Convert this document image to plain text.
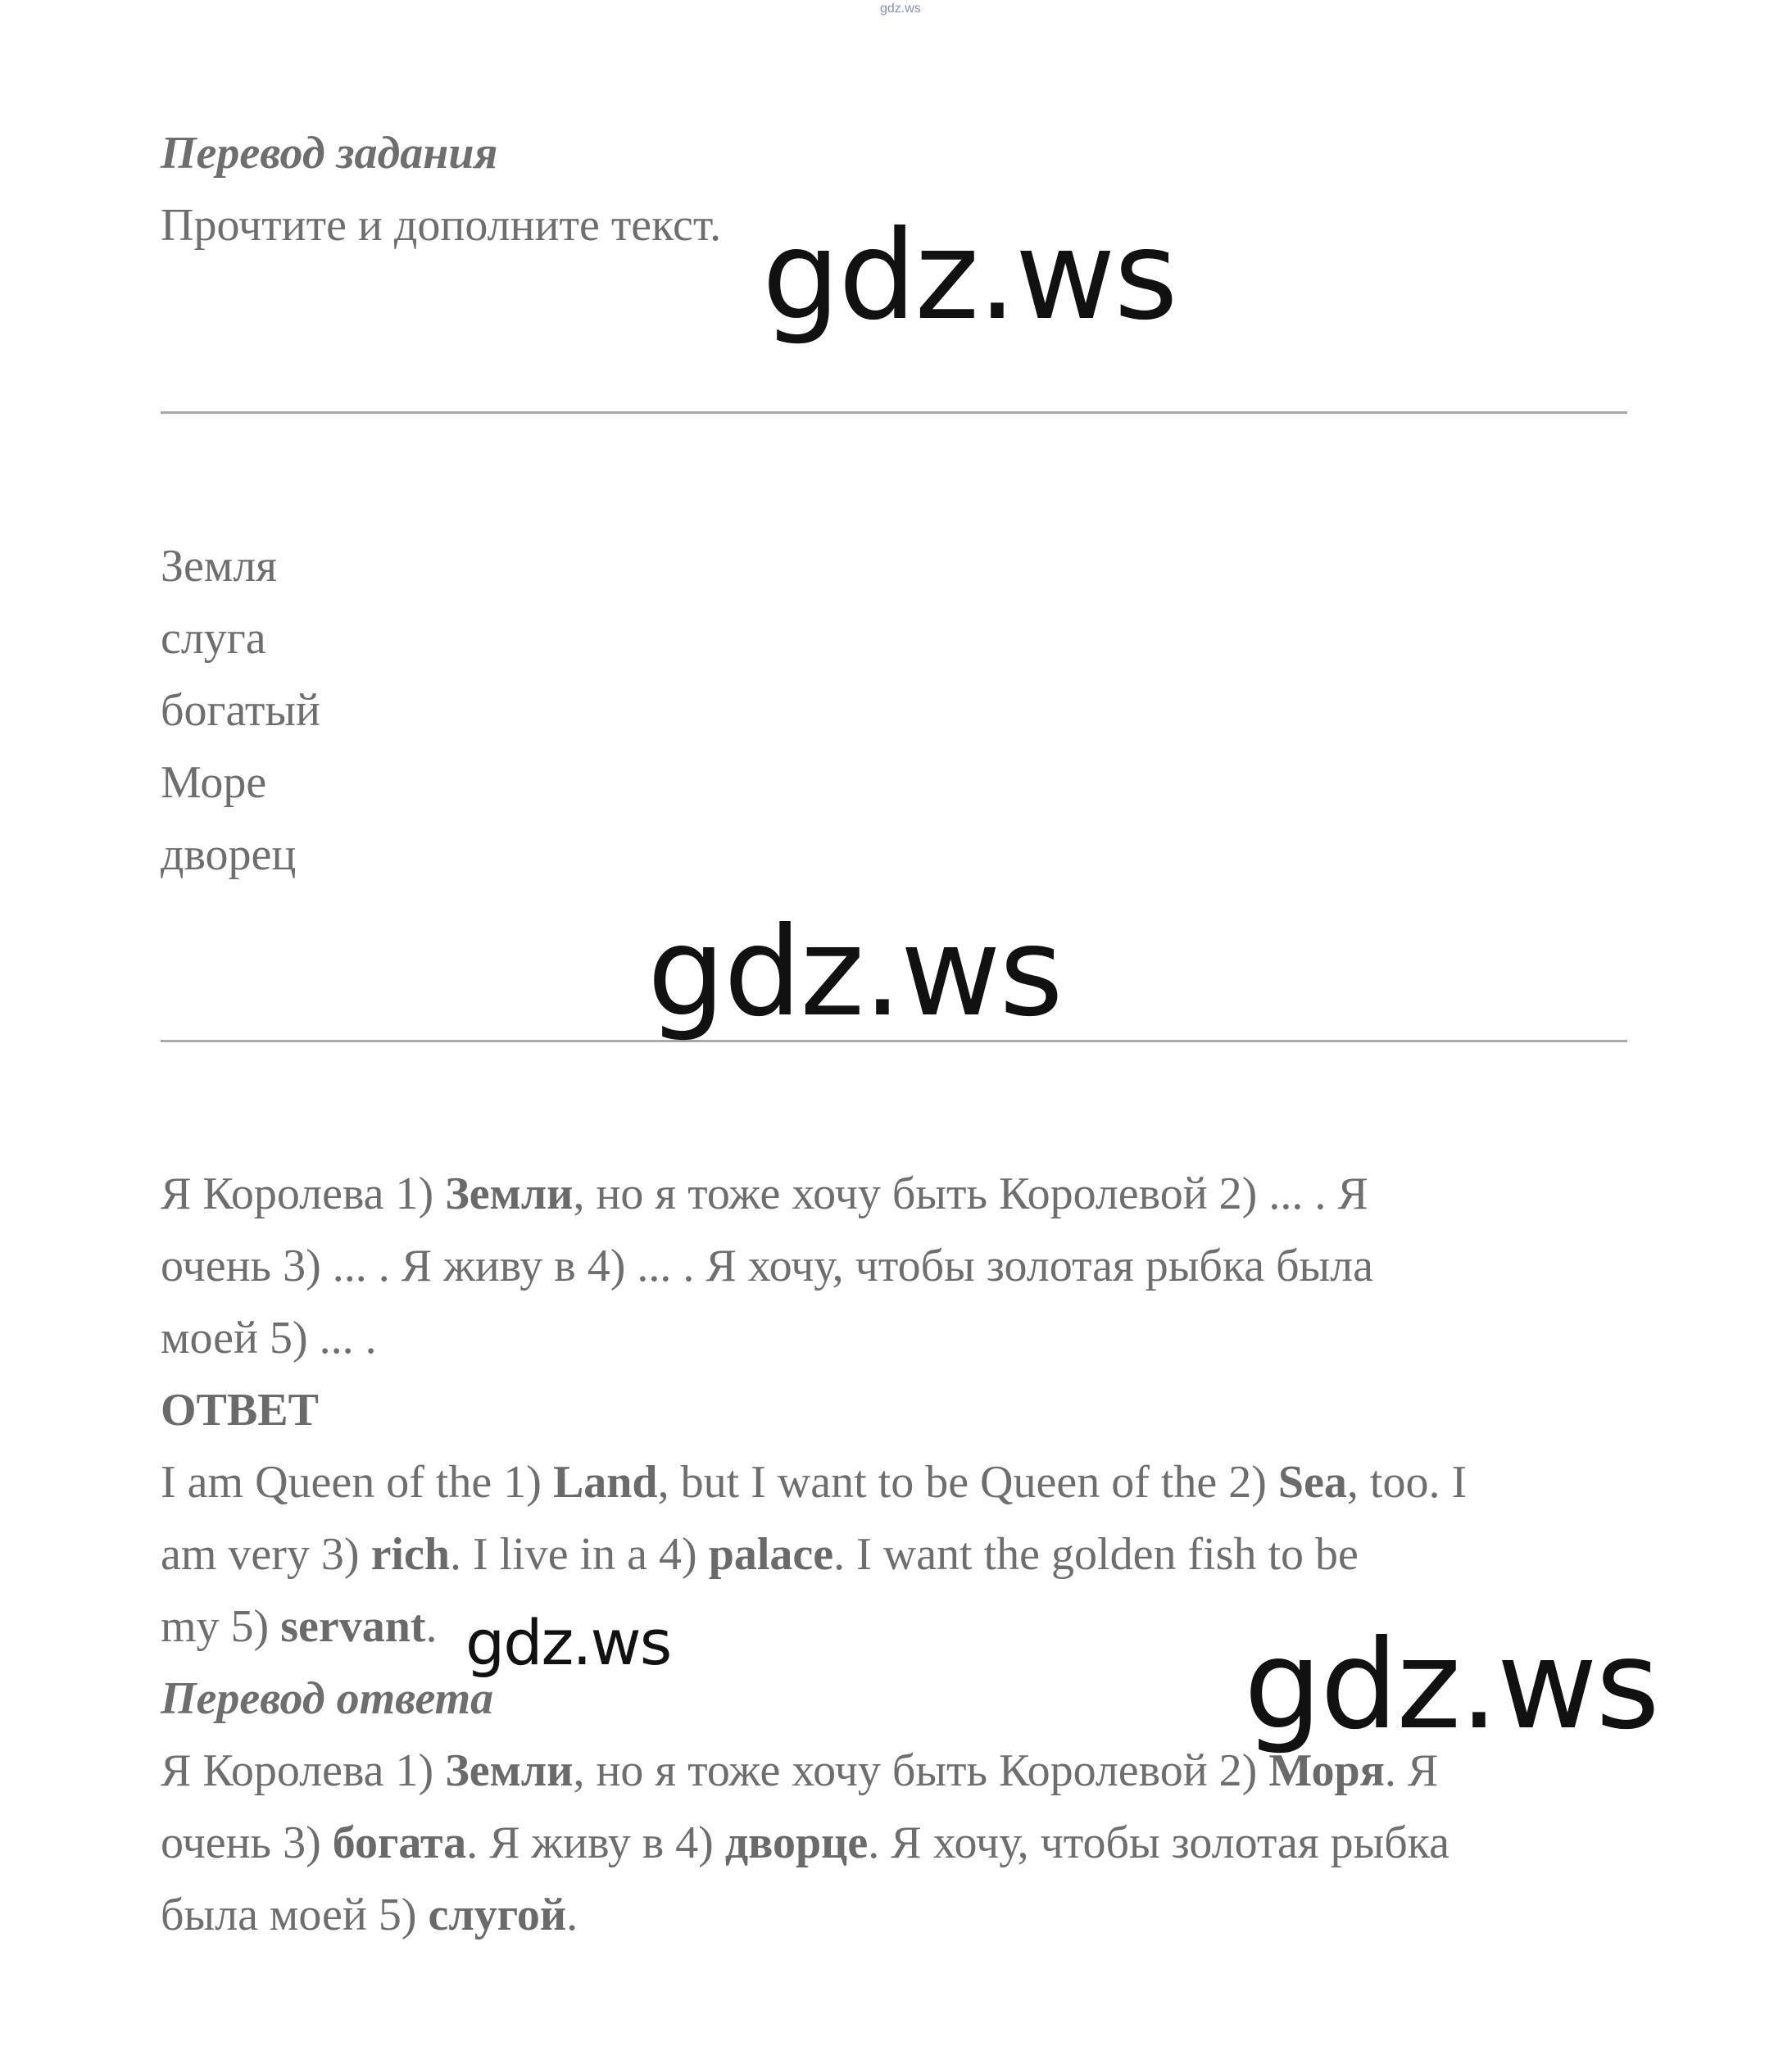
gdz.ws

Перевод задания

Прочтите и дополните текст.

Земля
слуга
богатый
Море
дворец

Я Королева 1) Земли, но я тоже хочу быть Королевой 2) ... . Я

очень 3) ... . Я живу в 4) ... . Я хочу, чтобы золотая рыбка была

моей 5) ... .

ОТВЕТ

I am Queen of the 1) Land, but I want to be Queen of the 2) Sea, too. I

am very 3) rich. I live in a 4) palace. I want the golden fish to be

my 5) servant.

Перевод ответа

Я Королева 1) Земли, но я тоже хочу быть Королевой 2) Моря. Я

очень 3) богата. Я живу в 4) дворце. Я хочу, чтобы золотая рыбка

была моей 5) слугой.

gdz.ws
gdz.ws
gdz.ws	gdz.ws
